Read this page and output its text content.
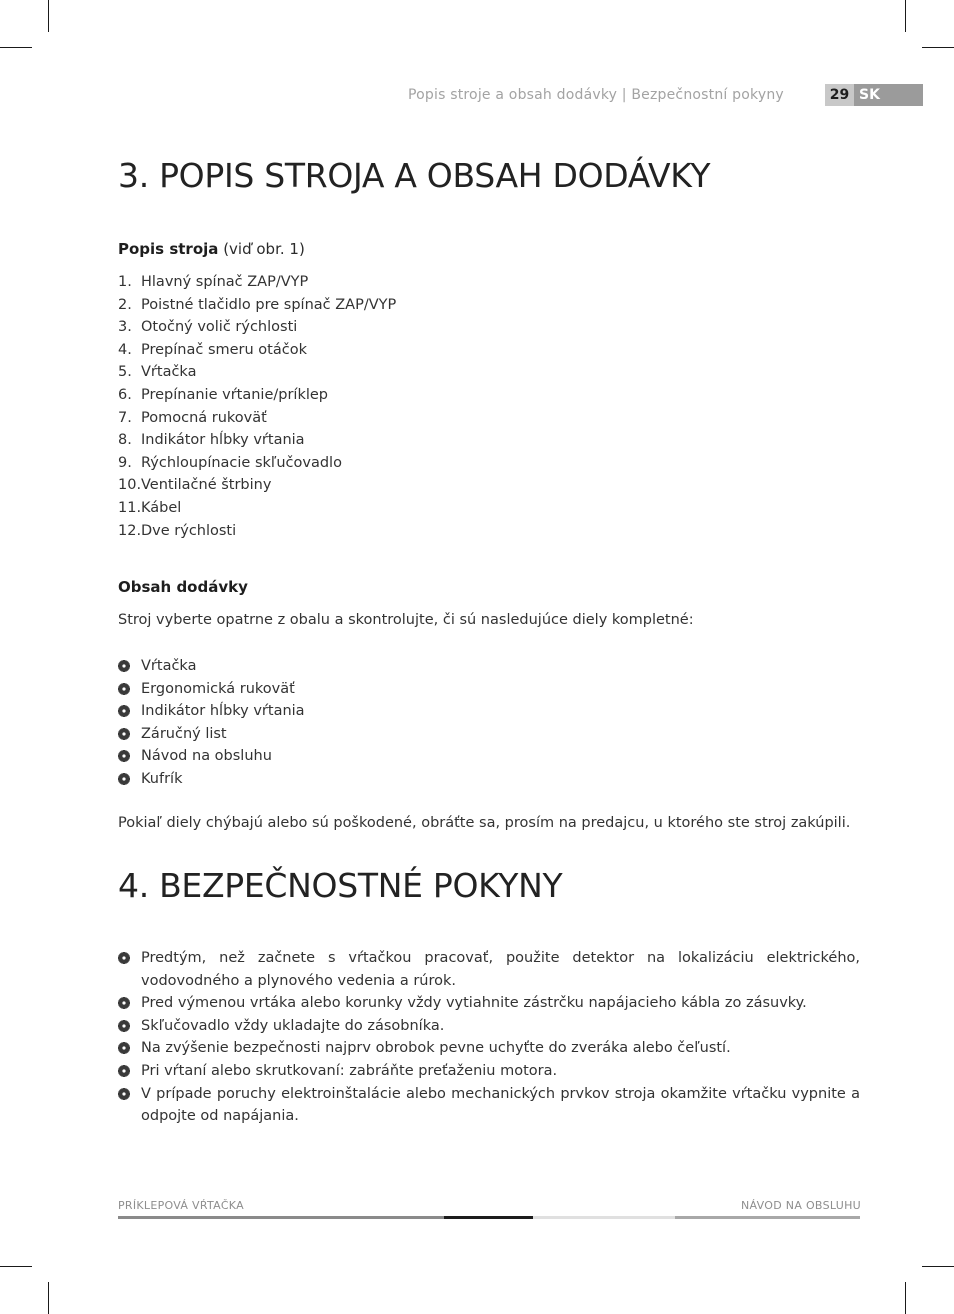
Popis stroje a obsah dodávky | Bezpečnostní pokyny	29 SK
3. POPIS STROJA A OBSAH DODÁVKY
Popis stroja (viď obr. 1)
1. Hlavný spínač ZAP/VYP
2. Poistné tlačidlo pre spínač ZAP/VYP
3. Otočný volič rýchlosti
4. Prepínač smeru otáčok
5. Vŕtačka
6. Prepínanie vŕtanie/príklep
7. Pomocná rukoväť
8. Indikátor hĺbky vŕtania
9. Rýchloupínacie skľučovadlo
10. Ventilačné štrbiny
11. Kábel
12. Dve rýchlosti
Obsah dodávky

Stroj vyberte opatrne z obalu a skontrolujte, či sú nasledujúce diely kompletné:

Vŕtačka
Ergonomická rukoväť
Indikátor hĺbky vŕtania
Záručný list
Návod na obsluhu
Kufrík

Pokiaľ diely chýbajú alebo sú poškodené, obráťte sa, prosím na predajcu, u ktorého ste stroj zakúpili.

4. BEZPEČNOSTNÉ POKYNY
Predtým, než začnete s vŕtačkou pracovať, použite detektor na lokalizáciu elektrického, vodovodného a plynového vedenia a rúrok.
Pred výmenou vrtáka alebo korunky vždy vytiahnite zástrčku napájacieho kábla zo zásuvky.
Skľučovadlo vždy ukladajte do zásobníka.
Na zvýšenie bezpečnosti najprv obrobok pevne uchyťte do zveráka alebo čeľustí.
Pri vŕtaní alebo skrutkovaní: zabráňte preťaženiu motora.
V prípade poruchy elektroinštalácie alebo mechanických prvkov stroja okamžite vŕtačku vypnite a odpojte od napájania.
PRÍKLEPOVÁ VŔTAČKA	NÁVOD NA OBSLUHU
